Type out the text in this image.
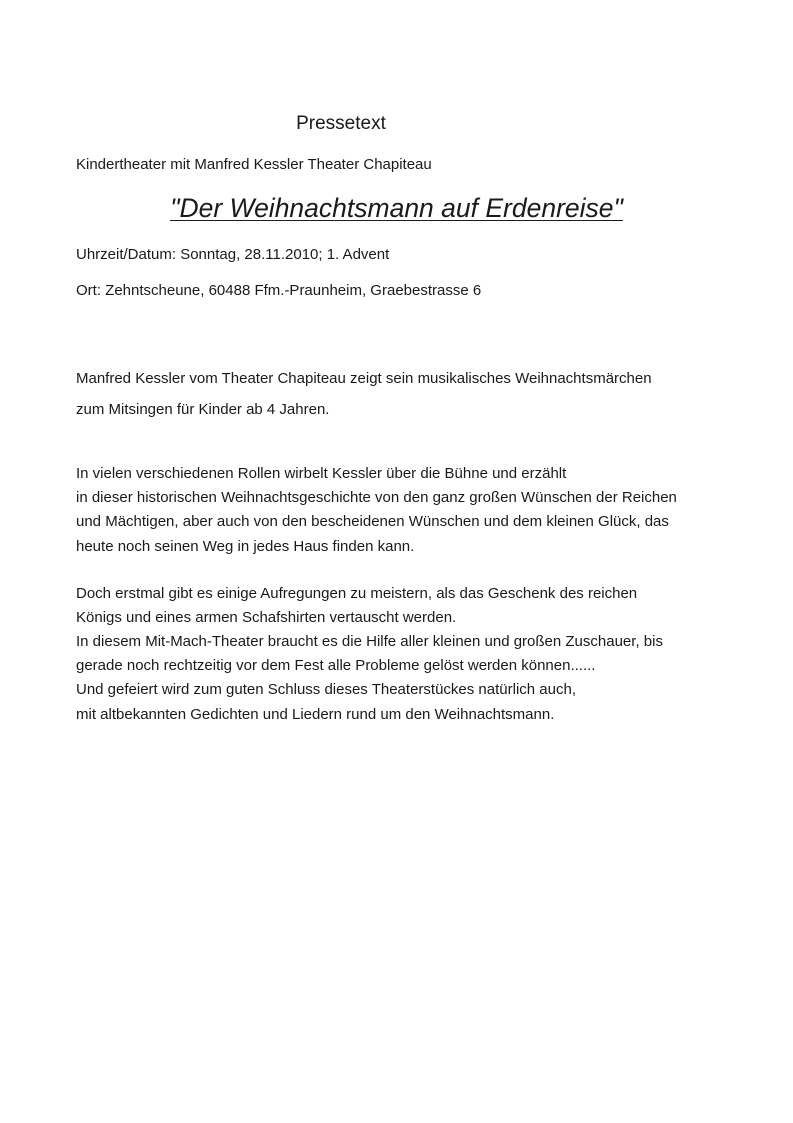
Pressetext
Kindertheater mit Manfred Kessler Theater Chapiteau
"Der Weihnachtsmann auf Erdenreise"
Uhrzeit/Datum: Sonntag, 28.11.2010; 1. Advent
Ort: Zehntscheune, 60488 Ffm.-Praunheim, Graebestrasse 6
Manfred Kessler vom Theater Chapiteau zeigt sein musikalisches Weihnachtsmärchen
zum Mitsingen für Kinder ab 4 Jahren.
In vielen verschiedenen Rollen wirbelt Kessler über die Bühne und erzählt
in dieser historischen Weihnachtsgeschichte von den ganz großen Wünschen der Reichen
und Mächtigen, aber auch von den bescheidenen Wünschen und dem kleinen Glück, das
heute noch seinen Weg in jedes Haus finden kann.
Doch erstmal gibt es einige Aufregungen zu meistern, als das Geschenk des reichen
Königs und eines armen Schafshirten vertauscht werden.
In diesem Mit-Mach-Theater braucht es die Hilfe aller kleinen und großen Zuschauer, bis
gerade noch rechtzeitig vor dem Fest alle Probleme gelöst werden können......
Und gefeiert wird zum guten Schluss dieses Theaterstückes natürlich auch,
mit altbekannten Gedichten und Liedern rund um den Weihnachtsmann.
